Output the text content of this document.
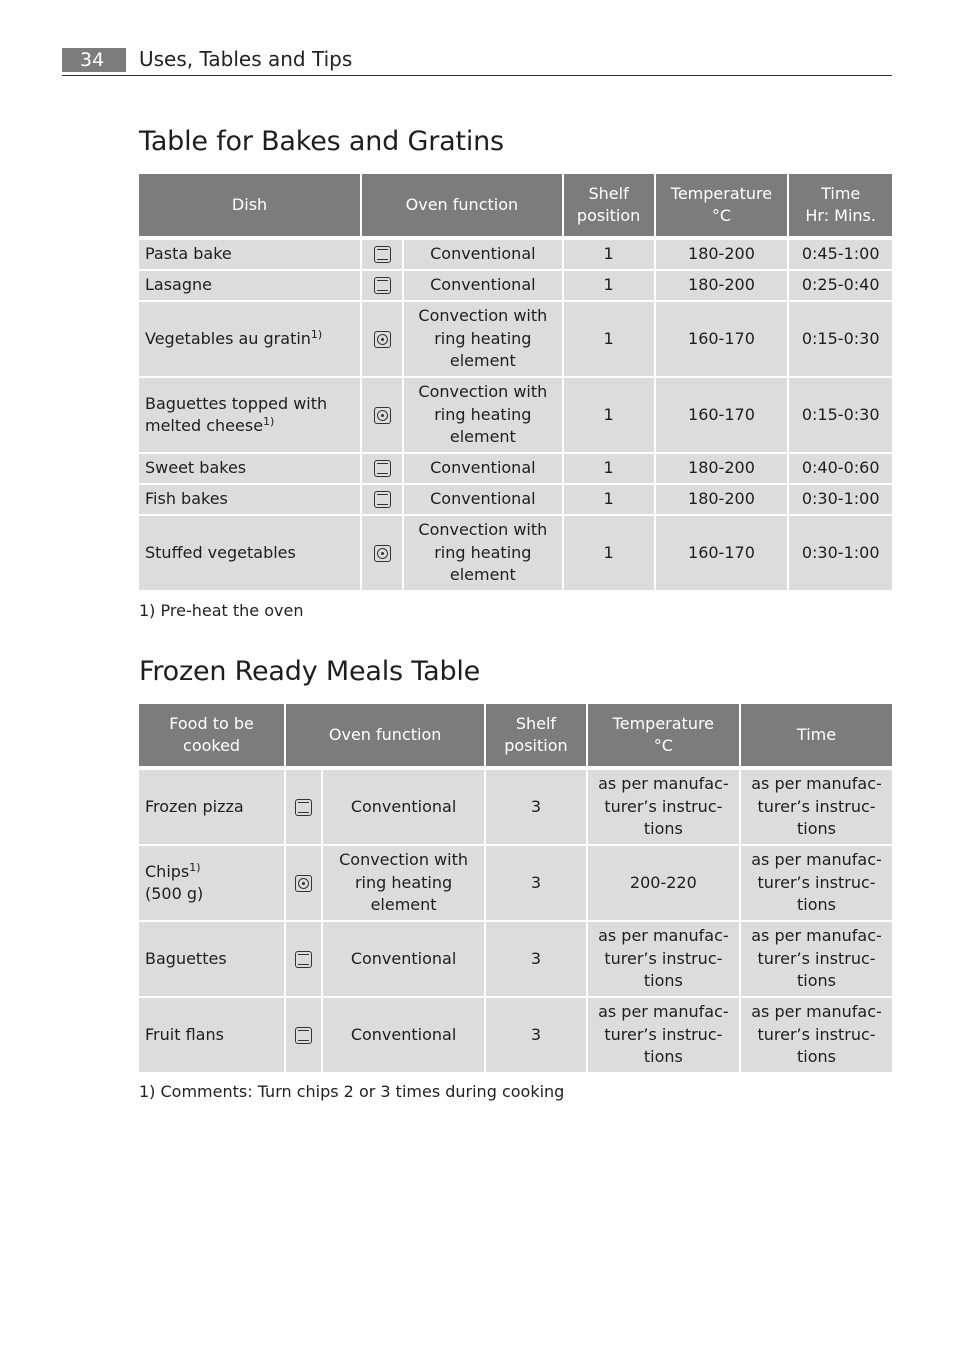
34	Uses, Tables and Tips
Table for Bakes and Gratins
Dish	Oven function		Shelf
position	Temperature
°C	Time
Hr: Mins.

Pasta bake		Conventional	1	180-200	0:45-1:00
Lasagne		Conventional	1	180-200	0:25-0:40
Vegetables au gratin$^{1)}$		Convection with
ring heating
element	1	160-170	0:15-0:30
Baguettes topped with
melted cheese$^{1)}$		Convection with
ring heating
element	1	160-170	0:15-0:30
Sweet bakes		Conventional	1	180-200	0:40-0:60
Fish bakes		Conventional	1	180-200	0:30-1:00
Stuffed vegetables		Convection with
ring heating
element	1	160-170	0:30-1:00
1) Pre-heat the oven
Frozen Ready Meals Table
Food to be
cooked	Oven function		Shelf
position	Temperature
°C	Time

Frozen pizza		Conventional	3	as per manufac-
turer’s instruc-
tions	as per manufac-
turer’s instruc-
tions
Chips$^{1)}$
(500 g)		Convection with
ring heating
element	3	200-220	as per manufac-
turer’s instruc-
tions
Baguettes		Conventional	3	as per manufac-
turer’s instruc-
tions	as per manufac-
turer’s instruc-
tions
Fruit flans		Conventional	3	as per manufac-
turer’s instruc-
tions	as per manufac-
turer’s instruc-
tions
1) Comments: Turn chips 2 or 3 times during cooking
